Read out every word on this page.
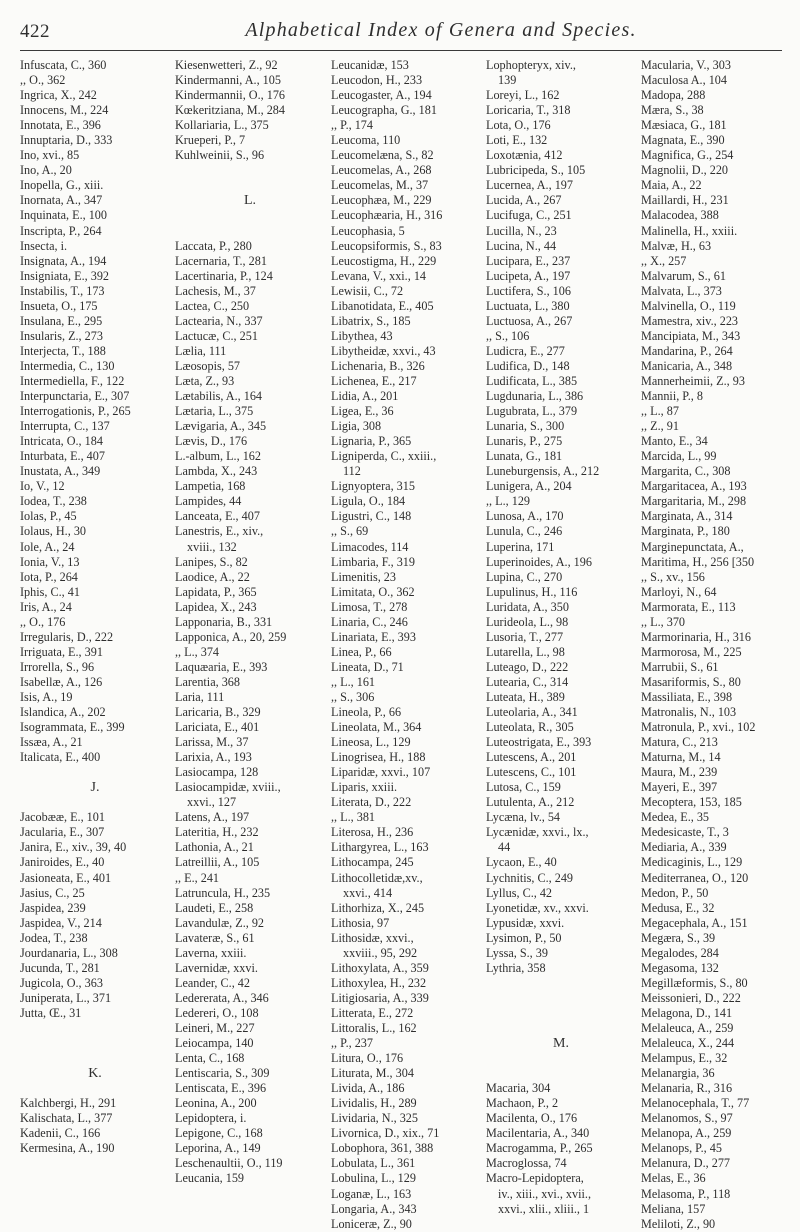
422	Alphabetical Index of Genera and Species.
Infuscata, C., 360
,, O., 362
Ingrica, X., 242
Innocens, M., 224
Innotata, E., 396
Innuptaria, D., 333
Ino, xvi., 85
Ino, A., 20
Inopella, G., xiii.
Inornata, A., 347
Inquinata, E., 100
Inscripta, P., 264
Insecta, i.
Insignata, A., 194
Insigniata, E., 392
Instabilis, T., 173
Insueta, O., 175
Insulana, E., 295
Insularis, Z., 273
Interjecta, T., 188
Intermedia, C., 130
Intermediella, F., 122
Interpunctaria, E., 307
Interrogationis, P., 265
Interrupta, C., 137
Intricata, O., 184
Inturbata, E., 407
Inustata, A., 349
Io, V., 12
Iodea, T., 238
Iolas, P., 45
Iolaus, H., 30
Iole, A., 24
Ionia, V., 13
Iota, P., 264
Iphis, C., 41
Iris, A., 24
,, O., 176
Irregularis, D., 222
Irriguata, E., 391
Irrorella, S., 96
Isabellæ, A., 126
Isis, A., 19
Islandica, A., 202
Isogrammata, E., 399
Issæa, A., 21
Italicata, E., 400

J.

Jacobææ, E., 101
Jacularia, E., 307
Janira, E., xiv., 39, 40
Janiroides, E., 40
Jasioneata, E., 401
Jasius, C., 25
Jaspidea, 239
Jaspidea, V., 214
Jodea, T., 238
Jourdanaria, L., 308
Jucunda, T., 281
Jugicola, O., 363
Juniperata, L., 371
Jutta, Œ., 31

K.

Kalchbergi, H., 291
Kalischata, L., 377
Kadenii, C., 166
Kermesina, A., 190
Kiesenwetteri, Z., 92
Kindermanni, A., 105
Kindermannii, O., 176
Kœkeritziana, M., 284
Kollariaria, L., 375
Krueperi, P., 7
Kuhlweinii, S., 96

L.

Laccata, P., 280
Lacernaria, T., 281
Lacertinaria, P., 124
Lachesis, M., 37
Lactea, C., 250
Lactearia, N., 337
Lactucæ, C., 251
Lælia, 111
Læosopis, 57
Læta, Z., 93
Lætabilis, A., 164
Lætaria, L., 375
Lævigaria, A., 345
Lævis, D., 176
L.-album, L., 162
Lambda, X., 243
Lampetia, 168
Lampides, 44
Lanceata, E., 407
Lanestris, E., xiv.,
xviii., 132
Lanipes, S., 82
Laodice, A., 22
Lapidata, P., 365
Lapidea, X., 243
Lapponaria, B., 331
Lapponica, A., 20, 259
,, L., 374
Laquæaria, E., 393
Larentia, 368
Laria, 111
Laricaria, B., 329
Lariciata, E., 401
Larissa, M., 37
Larixia, A., 193
Lasiocampa, 128
Lasiocampidæ, xviii.,
xxvi., 127
Latens, A., 197
Lateritia, H., 232
Lathonia, A., 21
Latreillii, A., 105
,, E., 241
Latruncula, H., 235
Laudeti, E., 258
Lavandulæ, Z., 92
Lavateræ, S., 61
Laverna, xxiii.
Lavernidæ, xxvi.
Leander, C., 42
Ledererata, A., 346
Ledereri, O., 108
Leineri, M., 227
Leiocampa, 140
Lenta, C., 168
Lentiscaria, S., 309
Lentiscata, E., 396
Leonina, A., 200
Lepidoptera, i.
Lepigone, C., 168
Leporina, A., 149
Leschenaultii, O., 119
Leucania, 159
Leucanidæ, 153
Leucodon, H., 233
Leucogaster, A., 194
Leucographa, G., 181
,, P., 174
Leucoma, 110
Leucomelæna, S., 82
Leucomelas, A., 268
Leucomelas, M., 37
Leucophæa, M., 229
Leucophæaria, H., 316
Leucophasia, 5
Leucopsiformis, S., 83
Leucostigma, H., 229
Levana, V., xxi., 14
Lewisii, C., 72
Libanotidata, E., 405
Libatrix, S., 185
Libythea, 43
Libytheidæ, xxvi., 43
Lichenaria, B., 326
Lichenea, E., 217
Lidia, A., 201
Ligea, E., 36
Ligia, 308
Lignaria, P., 365
Ligniperda, C., xxiii.,
112
Lignyoptera, 315
Ligula, O., 184
Ligustri, C., 148
,, S., 69
Limacodes, 114
Limbaria, F., 319
Limenitis, 23
Limitata, O., 362
Limosa, T., 278
Linaria, C., 246
Linariata, E., 393
Linea, P., 66
Lineata, D., 71
,, L., 161
,, S., 306
Lineola, P., 66
Lineolata, M., 364
Lineosa, L., 129
Linogrisea, H., 188
Liparidæ, xxvi., 107
Liparis, xxiii.
Literata, D., 222
,, L., 381
Literosa, H., 236
Lithargyrea, L., 163
Lithocampa, 245
Lithocolletidæ,xv.,
xxvi., 414
Lithorhiza, X., 245
Lithosia, 97
Lithosidæ, xxvi.,
xxviii., 95, 292
Lithoxylata, A., 359
Lithoxylea, H., 232
Litigiosaria, A., 339
Litterata, E., 272
Littoralis, L., 162
,, P., 237
Litura, O., 176
Liturata, M., 304
Livida, A., 186
Lividalis, H., 289
Lividaria, N., 325
Livornica, D., xix., 71
Lobophora, 361, 388
Lobulata, L., 361
Lobulina, L., 129
Loganæ, L., 163
Longaria, A., 343
Loniceræ, Z., 90
Lophopteryx, xiv.,
139
Loreyi, L., 162
Loricaria, T., 318
Lota, O., 176
Loti, E., 132
Loxotænia, 412
Lubricipeda, S., 105
Lucernea, A., 197
Lucida, A., 267
Lucifuga, C., 251
Lucilla, N., 23
Lucina, N., 44
Lucipara, E., 237
Lucipeta, A., 197
Luctifera, S., 106
Luctuata, L., 380
Luctuosa, A., 267
,, S., 106
Ludicra, E., 277
Ludifica, D., 148
Ludificata, L., 385
Lugdunaria, L., 386
Lugubrata, L., 379
Lunaria, S., 300
Lunaris, P., 275
Lunata, G., 181
Luneburgensis, A., 212
Lunigera, A., 204
,, L., 129
Lunosa, A., 170
Lunula, C., 246
Luperina, 171
Luperinoides, A., 196
Lupina, C., 270
Lupulinus, H., 116
Luridata, A., 350
Lurideola, L., 98
Lusoria, T., 277
Lutarella, L., 98
Luteago, D., 222
Lutearia, C., 314
Luteata, H., 389
Luteolaria, A., 341
Luteolata, R., 305
Luteostrigata, E., 393
Lutescens, A., 201
Lutescens, C., 101
Lutosa, C., 159
Lutulenta, A., 212
Lycæna, lv., 54
Lycænidæ, xxvi., lx.,
44
Lycaon, E., 40
Lychnitis, C., 249
Lyllus, C., 42
Lyonetidæ, xv., xxvi.
Lypusidæ, xxvi.
Lysimon, P., 50
Lyssa, S., 39
Lythria, 358

M.

Macaria, 304
Machaon, P., 2
Macilenta, O., 176
Macilentaria, A., 340
Macrogamma, P., 265
Macroglossa, 74
Macro-Lepidoptera,
iv., xiii., xvi., xvii.,
xxvi., xlii., xliii., 1
Macularia, V., 303
Maculosa A., 104
Madopa, 288
Mæra, S., 38
Mæsiaca, G., 181
Magnata, E., 390
Magnifica, G., 254
Magnolii, D., 220
Maia, A., 22
Maillardi, H., 231
Malacodea, 388
Malinella, H., xxiii.
Malvæ, H., 63
,, X., 257
Malvarum, S., 61
Malvata, L., 373
Malvinella, O., 119
Mamestra, xiv., 223
Mancipiata, M., 343
Mandarina, P., 264
Manicaria, A., 348
Mannerheimii, Z., 93
Mannii, P., 8
,, L., 87
,, Z., 91
Manto, E., 34
Marcida, L., 99
Margarita, C., 308
Margaritacea, A., 193
Margaritaria, M., 298
Marginata, A., 314
Marginata, P., 180
Marginepunctata, A.,
Maritima, H., 256 [350
,, S., xv., 156
Marloyi, N., 64
Marmorata, E., 113
,, L., 370
Marmorinaria, H., 316
Marmorosa, M., 225
Marrubii, S., 61
Masariformis, S., 80
Massiliata, E., 398
Matronalis, N., 103
Matronula, P., xvi., 102
Matura, C., 213
Maturna, M., 14
Maura, M., 239
Mayeri, E., 397
Mecoptera, 153, 185
Medea, E., 35
Medesicaste, T., 3
Mediaria, A., 339
Medicaginis, L., 129
Mediterranea, O., 120
Medon, P., 50
Medusa, E., 32
Megacephala, A., 151
Megæra, S., 39
Megalodes, 284
Megasoma, 132
Megillæformis, S., 80
Meissonieri, D., 222
Melagona, D., 141
Melaleuca, A., 259
Melaleuca, X., 244
Melampus, E., 32
Melanargia, 36
Melanaria, R., 316
Melanocephala, T., 77
Melanomos, S., 97
Melanopa, A., 259
Melanops, P., 45
Melanura, D., 277
Melas, E., 36
Melasoma, P., 118
Meliana, 157
Meliloti, Z., 90
